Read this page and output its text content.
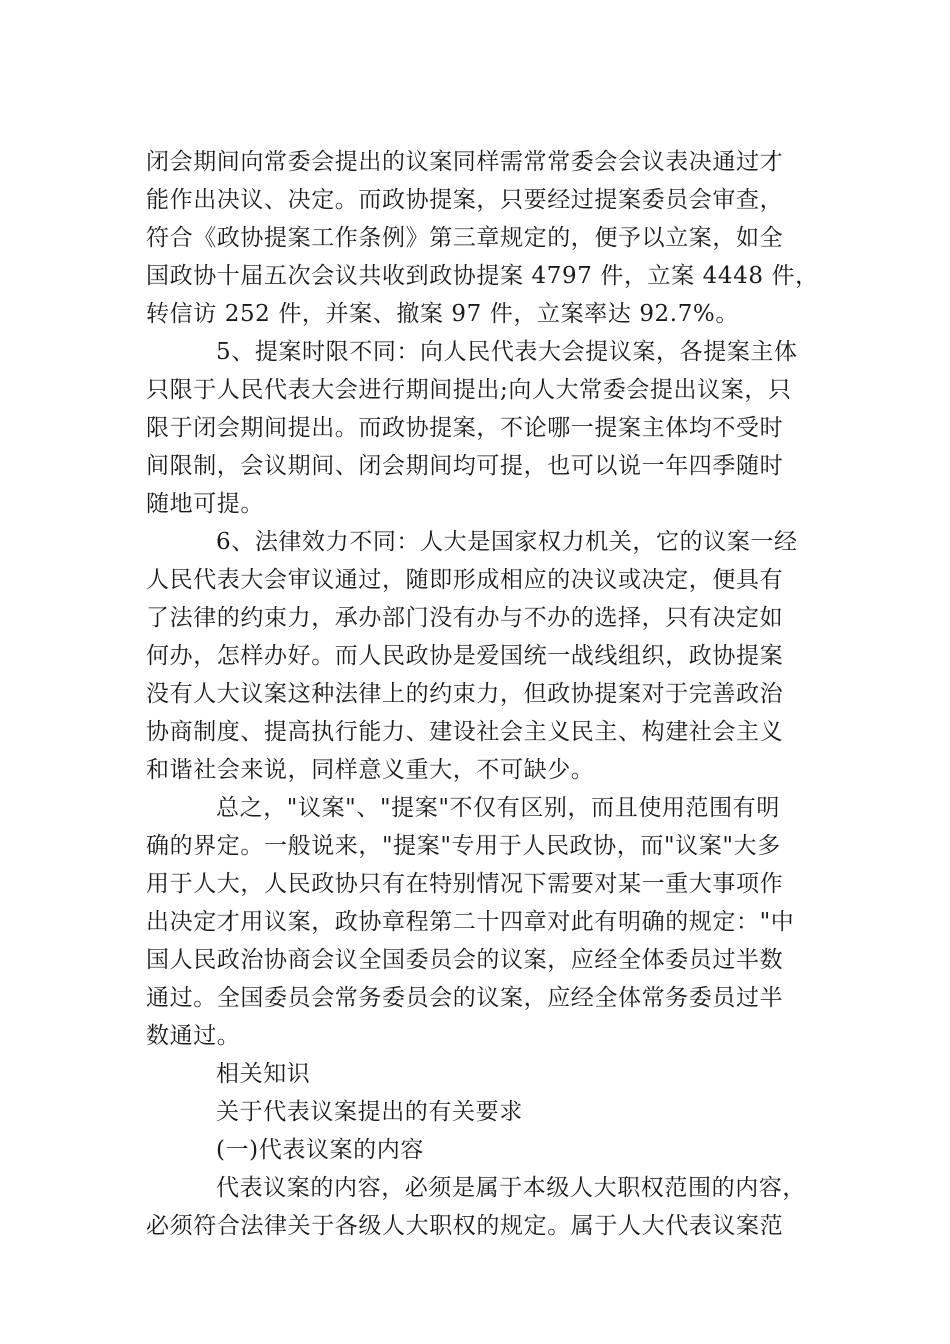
闭会期间向常委会提出的议案同样需常常委会会议表决通过才
能作出决议、决定。而政协提案，只要经过提案委员会审查，
符合《政协提案工作条例》第三章规定的，便予以立案，如全
国政协十届五次会议共收到政协提案 4797 件，立案 4448 件，
转信访 252 件，并案、撤案 97 件，立案率达 92.7%。
5、提案时限不同：向人民代表大会提议案，各提案主体
只限于人民代表大会进行期间提出;向人大常委会提出议案，只
限于闭会期间提出。而政协提案，不论哪一提案主体均不受时
间限制，会议期间、闭会期间均可提，也可以说一年四季随时
随地可提。
6、法律效力不同：人大是国家权力机关，它的议案一经
人民代表大会审议通过，随即形成相应的决议或决定，便具有
了法律的约束力，承办部门没有办与不办的选择，只有决定如
何办，怎样办好。而人民政协是爱国统一战线组织，政协提案
没有人大议案这种法律上的约束力，但政协提案对于完善政治
协商制度、提高执行能力、建设社会主义民主、构建社会主义
和谐社会来说，同样意义重大，不可缺少。
总之，"议案"、"提案"不仅有区别，而且使用范围有明
确的界定。一般说来，"提案"专用于人民政协，而"议案"大多
用于人大，人民政协只有在特别情况下需要对某一重大事项作
出决定才用议案，政协章程第二十四章对此有明确的规定："中
国人民政治协商会议全国委员会的议案，应经全体委员过半数
通过。全国委员会常务委员会的议案，应经全体常务委员过半
数通过。
相关知识
关于代表议案提出的有关要求
(一)代表议案的内容
代表议案的内容，必须是属于本级人大职权范围的内容，
必须符合法律关于各级人大职权的规定。属于人大代表议案范
